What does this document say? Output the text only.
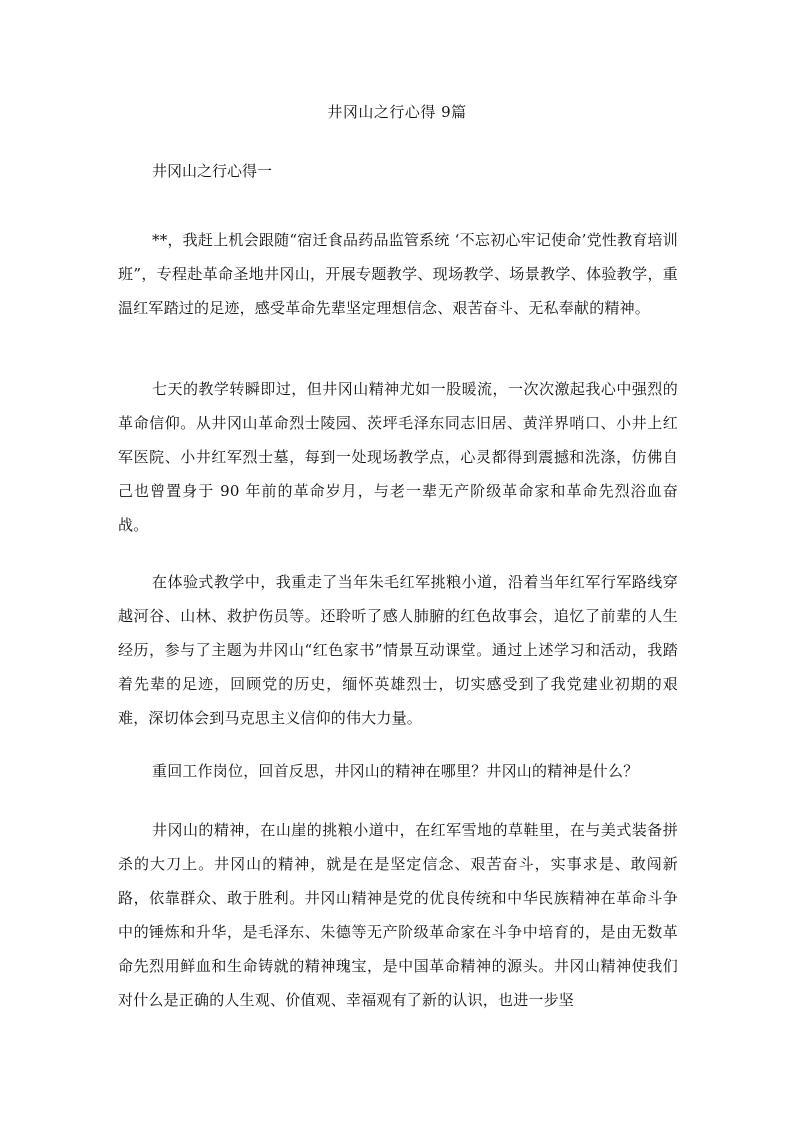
井冈山之行心得 9篇
井冈山之行心得一

**，我赶上机会跟随“宿迁食品药品监管系统 ‘不忘初心牢记使命’党性教育培训班”，专程赴革命圣地井冈山，开展专题教学、现场教学、场景教学、体验教学，重温红军踏过的足迹，感受革命先辈坚定理想信念、艰苦奋斗、无私奉献的精神。

七天的教学转瞬即过，但井冈山精神尤如一股暖流，一次次激起我心中强烈的革命信仰。从井冈山革命烈士陵园、茨坪毛泽东同志旧居、黄洋界哨口、小井上红军医院、小井红军烈士墓，每到一处现场教学点，心灵都得到震撼和洗涤，仿佛自己也曾置身于 90 年前的革命岁月，与老一辈无产阶级革命家和革命先烈浴血奋战。

在体验式教学中，我重走了当年朱毛红军挑粮小道，沿着当年红军行军路线穿越河谷、山林、救护伤员等。还聆听了感人肺腑的红色故事会，追忆了前辈的人生经历，参与了主题为井冈山“红色家书”情景互动课堂。通过上述学习和活动，我踏着先辈的足迹，回顾党的历史，缅怀英雄烈士，切实感受到了我党建业初期的艰难，深切体会到马克思主义信仰的伟大力量。

重回工作岗位，回首反思，井冈山的精神在哪里？井冈山的精神是什么？

井冈山的精神，在山崖的挑粮小道中，在红军雪地的草鞋里，在与美式装备拼杀的大刀上。井冈山的精神，就是在是坚定信念、艰苦奋斗，实事求是、敢闯新路，依靠群众、敢于胜利。井冈山精神是党的优良传统和中华民族精神在革命斗争中的锤炼和升华，是毛泽东、朱德等无产阶级革命家在斗争中培育的，是由无数革命先烈用鲜血和生命铸就的精神瑰宝，是中国革命精神的源头。井冈山精神使我们对什么是正确的人生观、价值观、幸福观有了新的认识，也进一步坚
